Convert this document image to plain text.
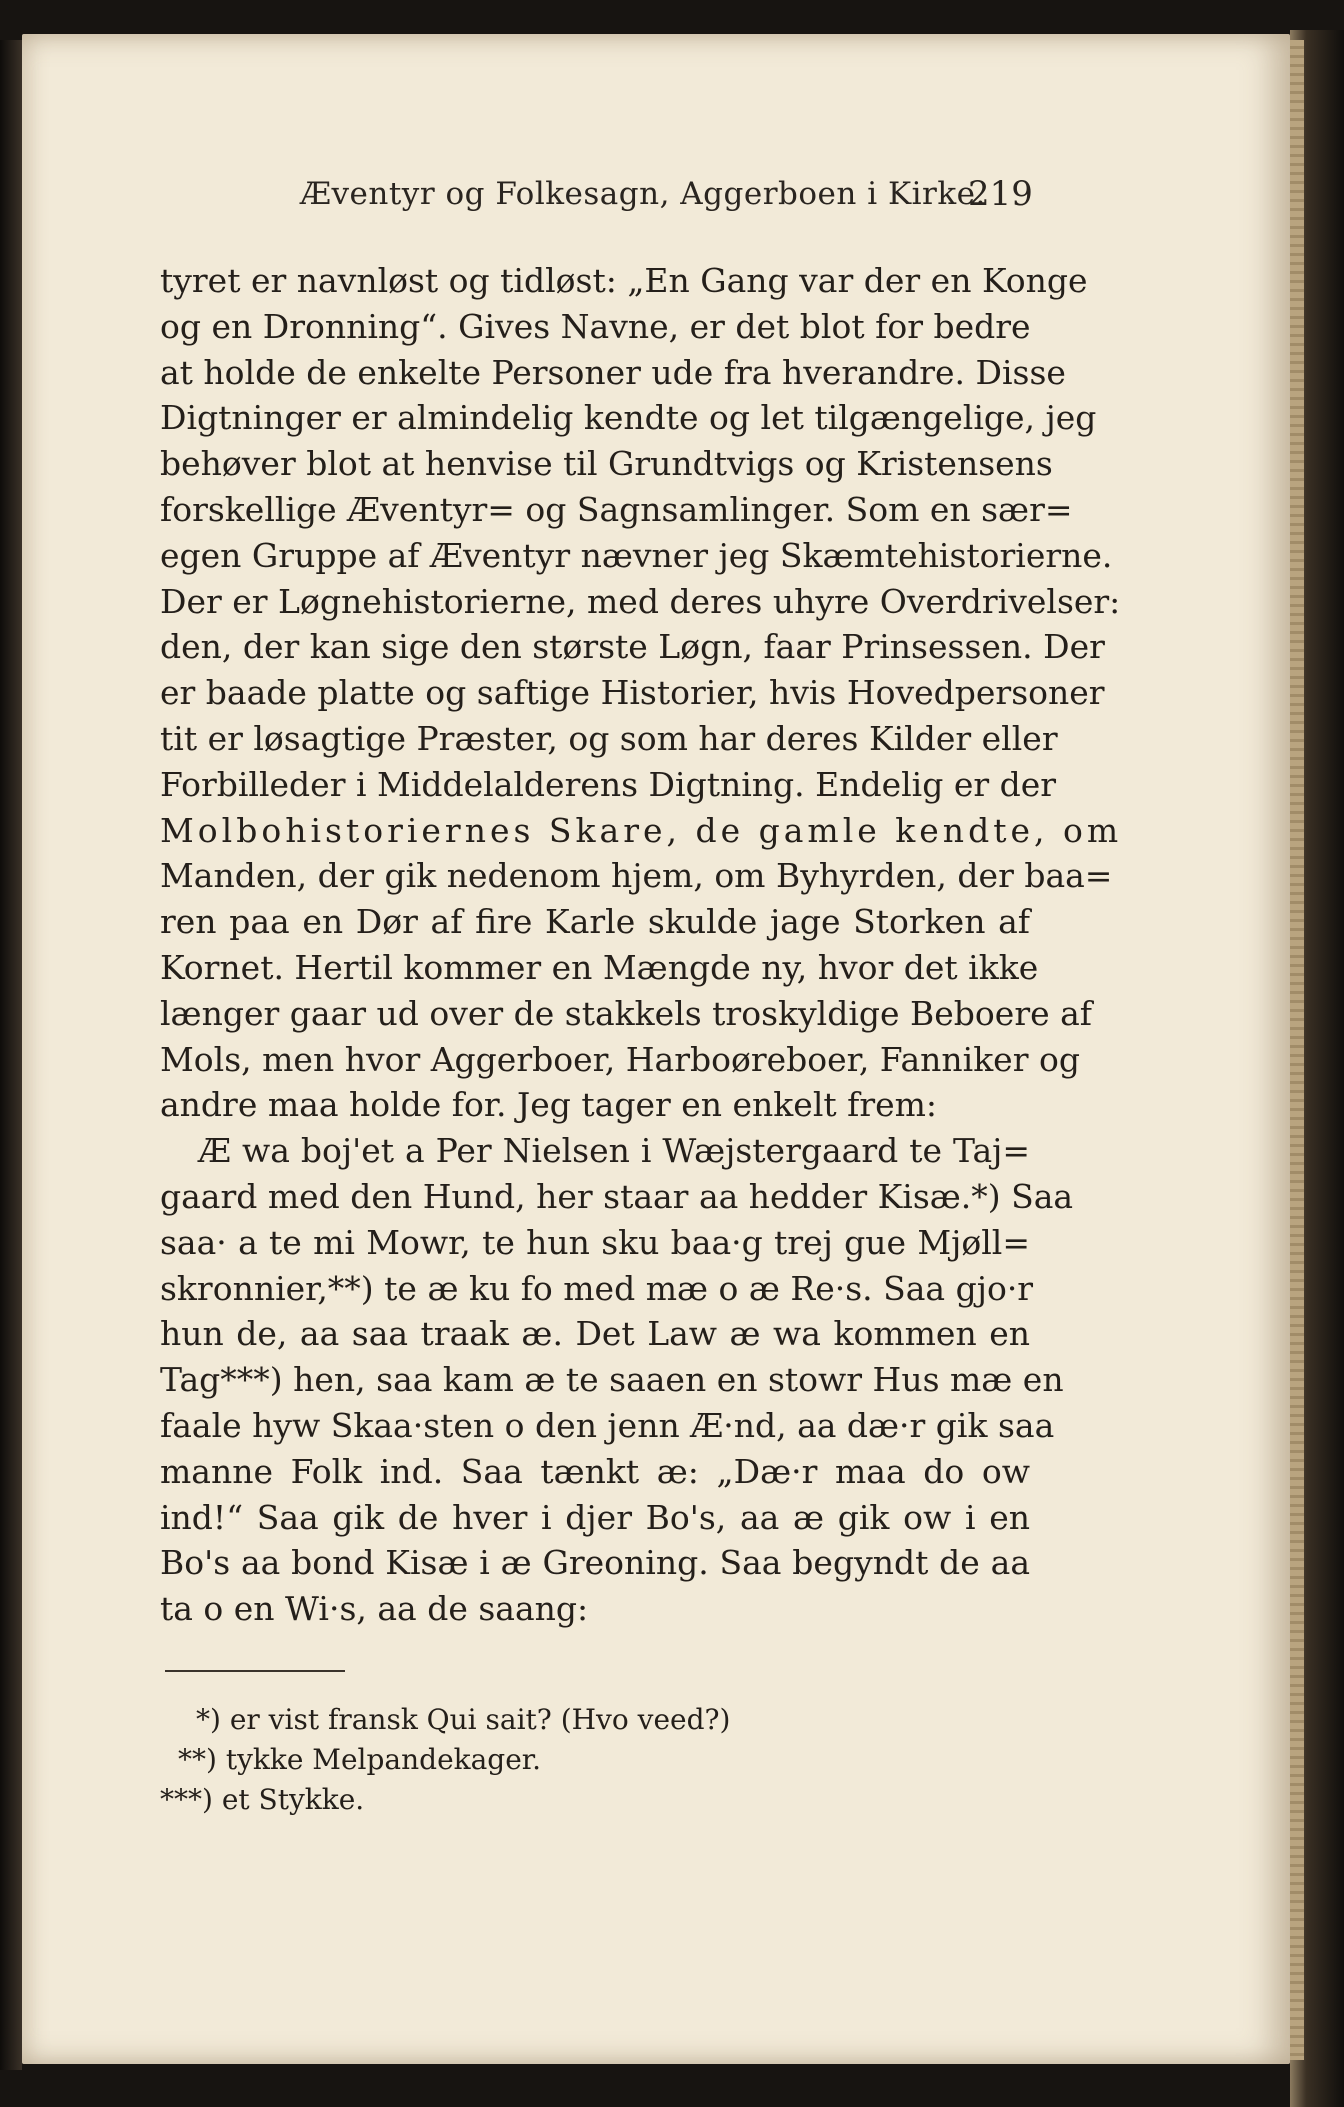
Æventyr og Folkesagn, Aggerboen i Kirke.
219
tyret er navnløst og tidløst: „En Gang var der en Konge
og en Dronning“. Gives Navne, er det blot for bedre
at holde de enkelte Personer ude fra hverandre. Disse
Digtninger er almindelig kendte og let tilgængelige, jeg
behøver blot at henvise til Grundtvigs og Kristensens
forskellige Æventyr= og Sagnsamlinger. Som en sær=
egen Gruppe af Æventyr nævner jeg Skæmtehistorierne.
Der er Løgnehistorierne, med deres uhyre Overdrivelser:
den, der kan sige den største Løgn, faar Prinsessen. Der
er baade platte og saftige Historier, hvis Hovedpersoner
tit er løsagtige Præster, og som har deres Kilder eller
Forbilleder i Middelalderens Digtning. Endelig er der
Molbohistoriernes Skare, de gamle kendte, om
Manden, der gik nedenom hjem, om Byhyrden, der baa=
ren paa en Dør af fire Karle skulde jage Storken af
Kornet. Hertil kommer en Mængde ny, hvor det ikke
længer gaar ud over de stakkels troskyldige Beboere af
Mols, men hvor Aggerboer, Harboøreboer, Fanniker og
andre maa holde for. Jeg tager en enkelt frem:
Æ wa boj'et a Per Nielsen i Wæjstergaard te Taj=
gaard med den Hund, her staar aa hedder Kisæ.*) Saa
saa· a te mi Mowr, te hun sku baa·g trej gue Mjøll=
skronnier,**) te æ ku fo med mæ o æ Re·s. Saa gjo·r
hun de, aa saa traak æ. Det Law æ wa kommen en
Tag***) hen, saa kam æ te saaen en stowr Hus mæ en
faale hyw Skaa·sten o den jenn Æ·nd, aa dæ·r gik saa
manne Folk ind. Saa tænkt æ: „Dæ·r maa do ow
ind!“ Saa gik de hver i djer Bo's, aa æ gik ow i en
Bo's aa bond Kisæ i æ Greoning. Saa begyndt de aa
ta o en Wi·s, aa de saang:
*) er vist fransk Qui sait? (Hvo veed?)
**) tykke Melpandekager.
***) et Stykke.
